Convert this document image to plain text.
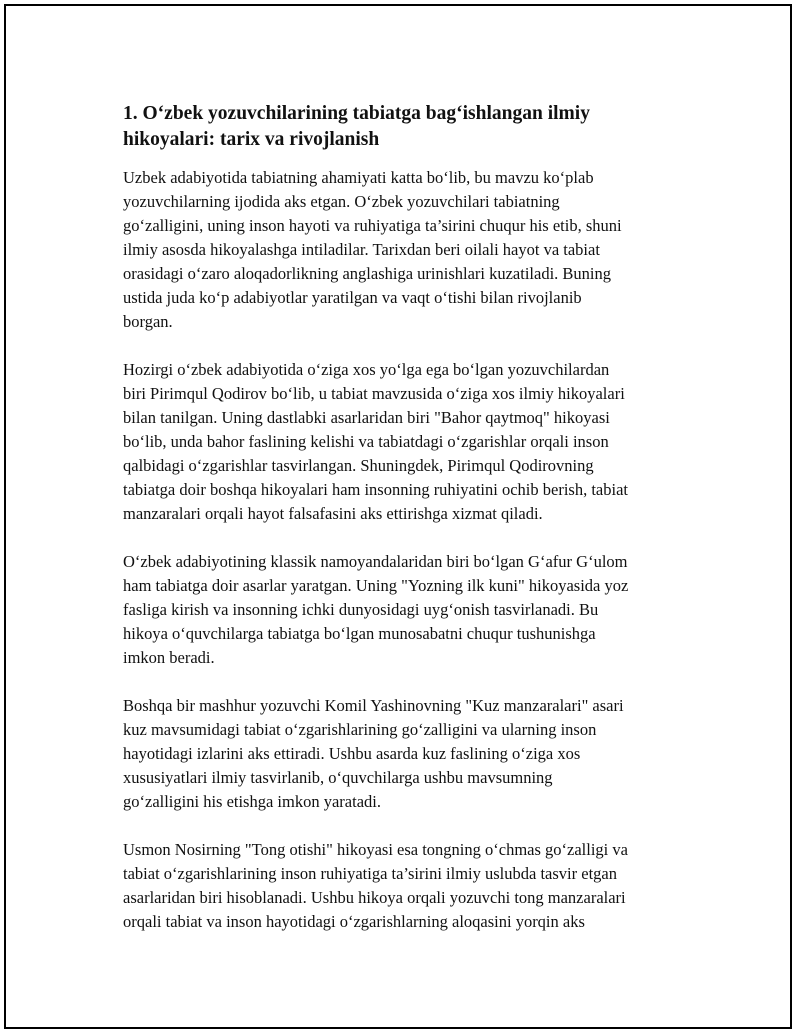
1. O‘zbek yozuvchilarining tabiatga bag‘ishlangan ilmiy
hikoyalari: tarix va rivojlanish

Uzbek adabiyotida tabiatning ahamiyati katta bo‘lib, bu mavzu ko‘plab
yozuvchilarning ijodida aks etgan. O‘zbek yozuvchilari tabiatning
go‘zalligini, uning inson hayoti va ruhiyatiga ta’sirini chuqur his etib, shuni
ilmiy asosda hikoyalashga intiladilar. Tarixdan beri oilali hayot va tabiat
orasidagi o‘zaro aloqadorlikning anglashiga urinishlari kuzatiladi. Buning
ustida juda ko‘p adabiyotlar yaratilgan va vaqt o‘tishi bilan rivojlanib
borgan.

Hozirgi o‘zbek adabiyotida o‘ziga xos yo‘lga ega bo‘lgan yozuvchilardan
biri Pirimqul Qodirov bo‘lib, u tabiat mavzusida o‘ziga xos ilmiy hikoyalari
bilan tanilgan. Uning dastlabki asarlaridan biri "Bahor qaytmoq" hikoyasi
bo‘lib, unda bahor faslining kelishi va tabiatdagi o‘zgarishlar orqali inson
qalbidagi o‘zgarishlar tasvirlangan. Shuningdek, Pirimqul Qodirovning
tabiatga doir boshqa hikoyalari ham insonning ruhiyatini ochib berish, tabiat
manzaralari orqali hayot falsafasini aks ettirishga xizmat qiladi.

O‘zbek adabiyotining klassik namoyandalaridan biri bo‘lgan G‘afur G‘ulom
ham tabiatga doir asarlar yaratgan. Uning "Yozning ilk kuni" hikoyasida yoz
fasliga kirish va insonning ichki dunyosidagi uyg‘onish tasvirlanadi. Bu
hikoya o‘quvchilarga tabiatga bo‘lgan munosabatni chuqur tushunishga
imkon beradi.

Boshqa bir mashhur yozuvchi Komil Yashinovning "Kuz manzaralari" asari
kuz mavsumidagi tabiat o‘zgarishlarining go‘zalligini va ularning inson
hayotidagi izlarini aks ettiradi. Ushbu asarda kuz faslining o‘ziga xos
xususiyatlari ilmiy tasvirlanib, o‘quvchilarga ushbu mavsumning
go‘zalligini his etishga imkon yaratadi.

Usmon Nosirning "Tong otishi" hikoyasi esa tongning o‘chmas go‘zalligi va
tabiat o‘zgarishlarining inson ruhiyatiga ta’sirini ilmiy uslubda tasvir etgan
asarlaridan biri hisoblanadi. Ushbu hikoya orqali yozuvchi tong manzaralari
orqali tabiat va inson hayotidagi o‘zgarishlarning aloqasini yorqin aks
